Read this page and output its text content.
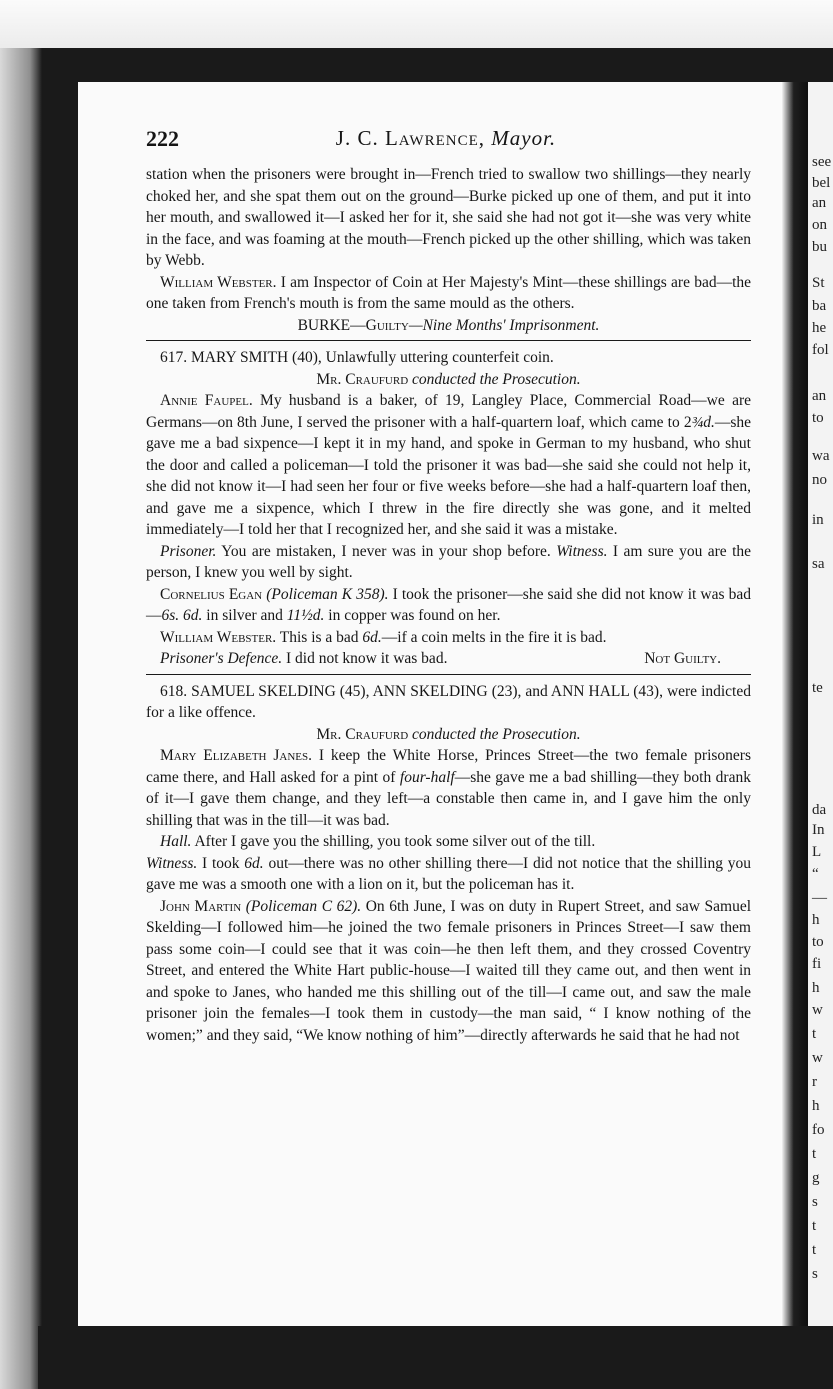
see
bel
an
on
bu
St
ba
he
fol
an
to
wa
no
in
sa
te
da
In
L
“
—
h
to
fi
h
w
t
w
r
h
fo
t
g
s
t
t
s
222	J. C. Lawrence, Mayor.

station when the prisoners were brought in—French tried to swallow two shillings—they nearly choked her, and she spat them out on the ground—Burke picked up one of them, and put it into her mouth, and swallowed it—I asked her for it, she said she had not got it—she was very white in the face, and was foaming at the mouth—French picked up the other shilling, which was taken by Webb.

William Webster. I am Inspector of Coin at Her Majesty's Mint—these shillings are bad—the one taken from French's mouth is from the same mould as the others.

BURKE—Guilty—Nine Months' Imprisonment.

617. MARY SMITH (40), Unlawfully uttering counterfeit coin.

Mr. Craufurd conducted the Prosecution.

Annie Faupel. My husband is a baker, of 19, Langley Place, Commercial Road—we are Germans—on 8th June, I served the prisoner with a half-quartern loaf, which came to 2¾d.—she gave me a bad sixpence—I kept it in my hand, and spoke in German to my husband, who shut the door and called a policeman—I told the prisoner it was bad—she said she could not help it, she did not know it—I had seen her four or five weeks before—she had a half-quartern loaf then, and gave me a sixpence, which I threw in the fire directly she was gone, and it melted immediately—I told her that I recognized her, and she said it was a mistake.

Prisoner. You are mistaken, I never was in your shop before. Witness. I am sure you are the person, I knew you well by sight.

Cornelius Egan (Policeman K 358). I took the prisoner—she said she did not know it was bad—6s. 6d. in silver and 11½d. in copper was found on her.

William Webster. This is a bad 6d.—if a coin melts in the fire it is bad.

Prisoner's Defence. I did not know it was bad.	Not Guilty.

618. SAMUEL SKELDING (45), ANN SKELDING (23), and ANN HALL (43), were indicted for a like offence.

Mr. Craufurd conducted the Prosecution.

Mary Elizabeth Janes. I keep the White Horse, Princes Street—the two female prisoners came there, and Hall asked for a pint of four-half—she gave me a bad shilling—they both drank of it—I gave them change, and they left—a constable then came in, and I gave him the only shilling that was in the till—it was bad.

Hall. After I gave you the shilling, you took some silver out of the till.

Witness. I took 6d. out—there was no other shilling there—I did not notice that the shilling you gave me was a smooth one with a lion on it, but the policeman has it.

John Martin (Policeman C 62). On 6th June, I was on duty in Rupert Street, and saw Samuel Skelding—I followed him—he joined the two female prisoners in Princes Street—I saw them pass some coin—I could see that it was coin—he then left them, and they crossed Coventry Street, and entered the White Hart public-house—I waited till they came out, and then went in and spoke to Janes, who handed me this shilling out of the till—I came out, and saw the male prisoner join the females—I took them in custody—the man said, “ I know nothing of the women;” and they said, “We know nothing of him”—directly afterwards he said that he had not
